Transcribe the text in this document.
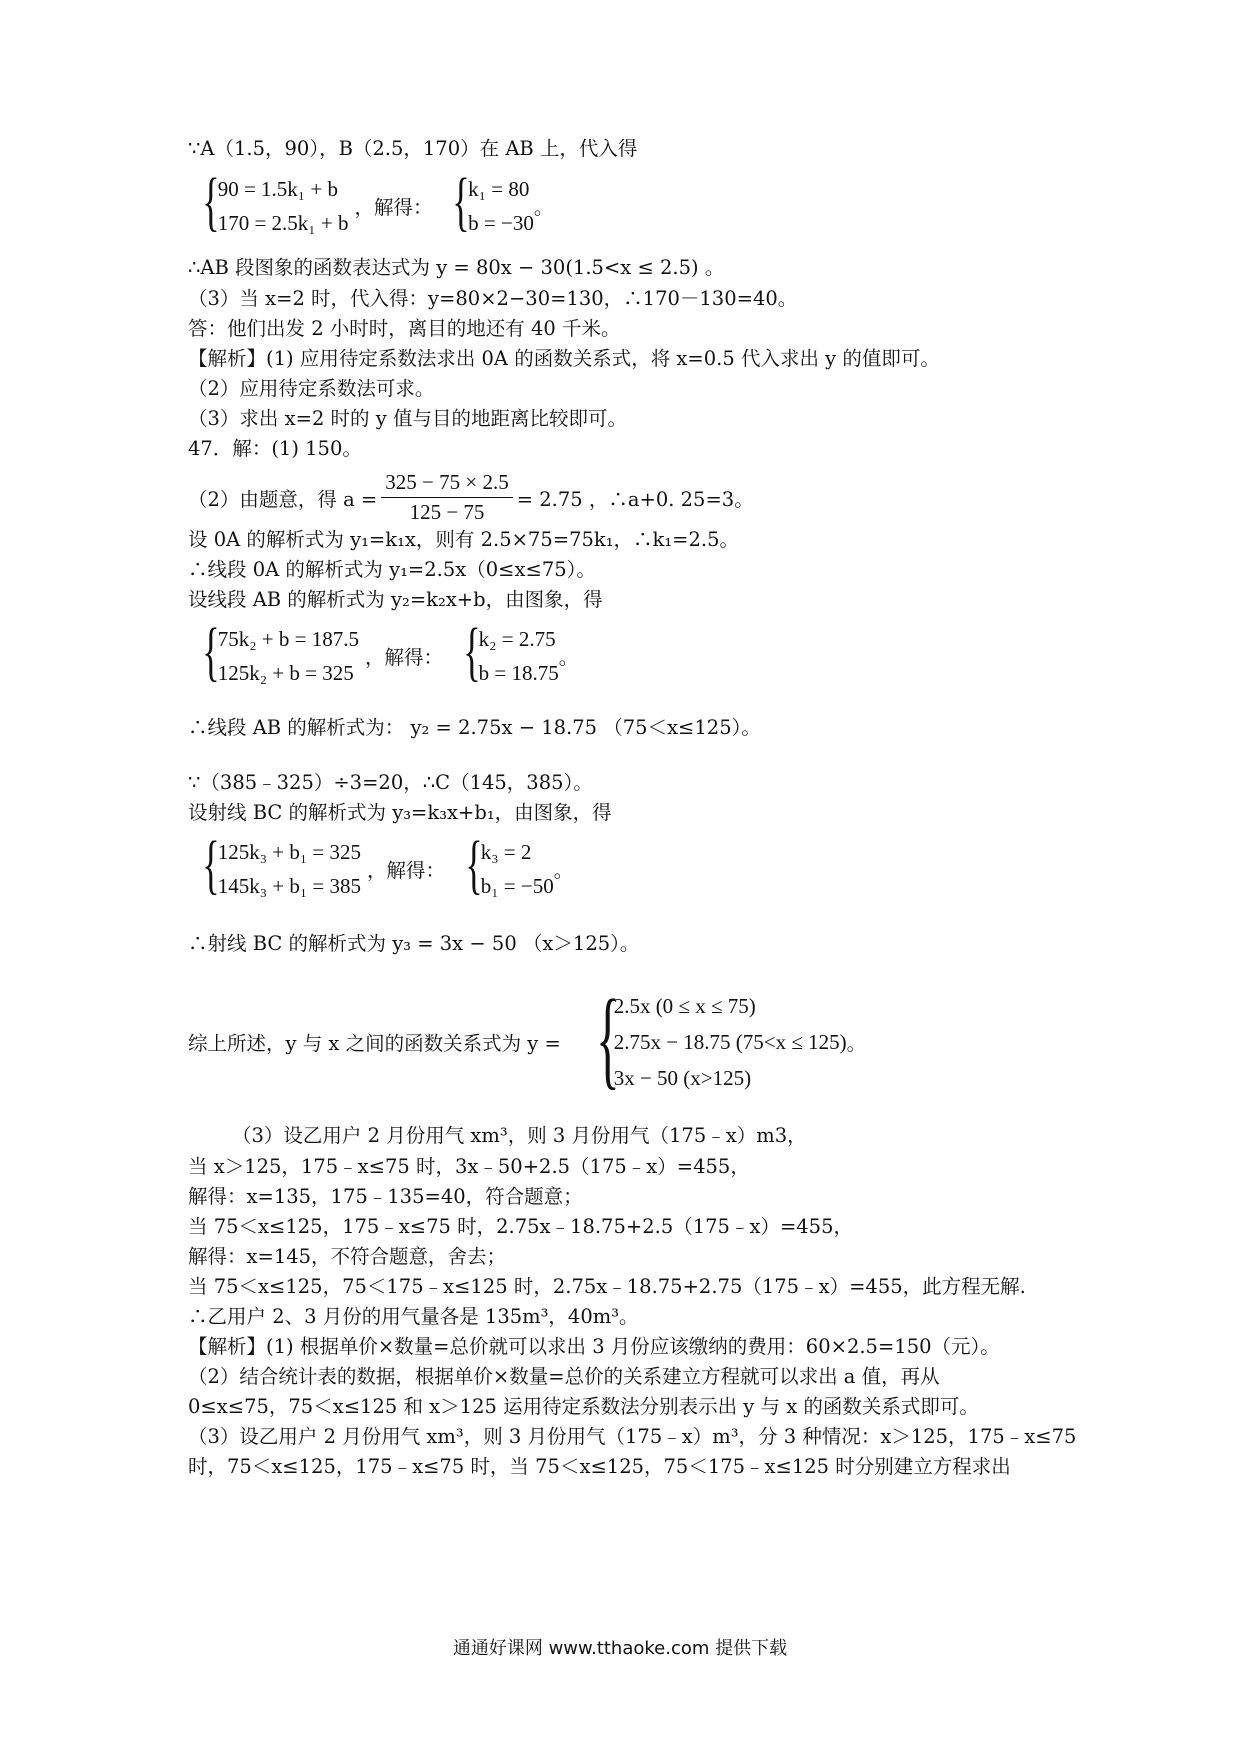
∵A（1.5，90），B（2.5，170）在 AB 上，代入得
{
90 = 1.5k₁ + b
170 = 2.5k₁ + b
，解得： {
k₁ = 80
b = −30
。
∴AB 段图象的函数表达式为 y = 80x − 30(1.5<x ≤ 2.5) 。
（3）当 x=2 时，代入得：y=80×2−30=130，∴170－130=40。
答：他们出发 2 小时时，离目的地还有 40 千米。
【解析】(1) 应用待定系数法求出 0A 的函数关系式，将 x=0.5 代入求出 y 的值即可。
（2）应用待定系数法可求。
（3）求出 x=2 时的 y 值与目的地距离比较即可。
47．解：(1) 150。
（2）由题意，得 $a = \frac{325 - 75 \times 2.5}{125 - 75} = 2.75$ ，∴a+0. 25=3。
设 0A 的解析式为 y₁=k₁x，则有 2.5×75=75k₁，∴k₁=2.5。
∴线段 0A 的解析式为 y₁=2.5x（0≤x≤75）。
设线段 AB 的解析式为 y₂=k₂x+b，由图象，得
{
75k₂ + b = 187.5
125k₂ + b = 325
，解得： {
k₂ = 2.75
b = 18.75
。
∴线段 AB 的解析式为： y₂ = 2.75x − 18.75 （75＜x≤125）。
∵（385﹣325）÷3=20，∴C（145，385）。
设射线 BC 的解析式为 y₃=k₃x+b₁，由图象，得
{
125k₃ + b₁ = 325
145k₃ + b₁ = 385
，解得： {
k₃ = 2
b₁ = −50
。
∴射线 BC 的解析式为 y₃ = 3x − 50 （x＞125）。
综上所述，y 与 x 之间的函数关系式为 y = {
2.5x (0 ≤ x ≤ 75)
2.75x − 18.75 (75<x ≤ 125)
3x − 50 (x>125)
。
（3）设乙用户 2 月份用气 xm³，则 3 月份用气（175﹣x）m3，
当 x＞125，175﹣x≤75 时，3x﹣50+2.5（175﹣x）=455，
解得：x=135，175﹣135=40，符合题意；
当 75＜x≤125，175﹣x≤75 时，2.75x﹣18.75+2.5（175﹣x）=455，
解得：x=145，不符合题意，舍去；
当 75＜x≤125，75＜175﹣x≤125 时，2.75x﹣18.75+2.75（175﹣x）=455，此方程无解.
∴乙用户 2、3 月份的用气量各是 135m³，40m³。
【解析】(1) 根据单价×数量=总价就可以求出 3 月份应该缴纳的费用：60×2.5=150（元）。
（2）结合统计表的数据，根据单价×数量=总价的关系建立方程就可以求出 a 值，再从
0≤x≤75，75＜x≤125 和 x＞125 运用待定系数法分别表示出 y 与 x 的函数关系式即可。
（3）设乙用户 2 月份用气 xm³，则 3 月份用气（175﹣x）m³，分 3 种情况：x＞125，175﹣x≤75
时，75＜x≤125，175﹣x≤75 时，当 75＜x≤125，75＜175﹣x≤125 时分别建立方程求出
通通好课网 www.tthaoke.com 提供下载
